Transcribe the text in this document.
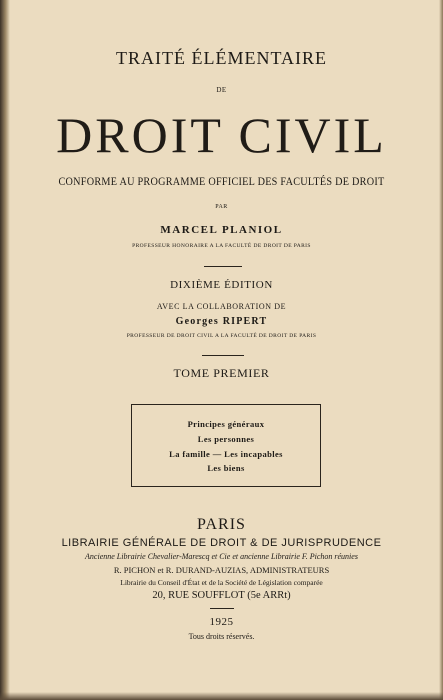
TRAITÉ ÉLÉMENTAIRE
DE
DROIT CIVIL
CONFORME AU PROGRAMME OFFICIEL DES FACULTÉS DE DROIT
PAR
MARCEL PLANIOL
PROFESSEUR HONORAIRE A LA FACULTÉ DE DROIT DE PARIS
DIXIÈME ÉDITION
AVEC LA COLLABORATION DE
Georges RIPERT
PROFESSEUR DE DROIT CIVIL A LA FACULTÉ DE DROIT DE PARIS
TOME PREMIER
Principes généraux
Les personnes
La famille — Les incapables
Les biens
PARIS
LIBRAIRIE GÉNÉRALE DE DROIT & DE JURISPRUDENCE
Ancienne Librairie Chevalier-Marescq et Cie et ancienne Librairie F. Pichon réunies
R. PICHON et R. DURAND-AUZIAS, ADMINISTRATEURS
Librairie du Conseil d'État et de la Société de Législation comparée
20, RUE SOUFFLOT (5e ARRt)
1925
Tous droits réservés.
